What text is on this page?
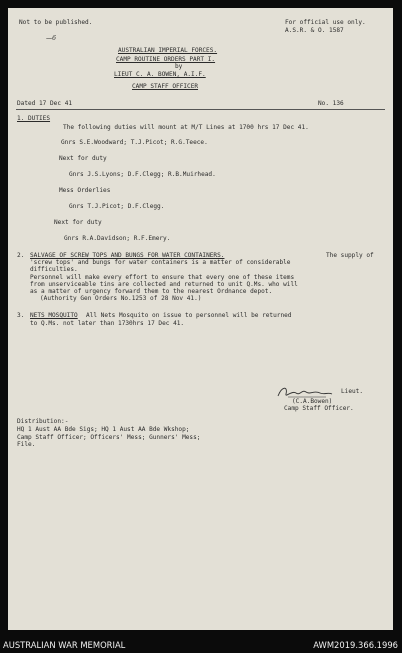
Not to be published.	For official use only.
A.S.R. & O. 1587
—6
AUSTRALIAN IMPERIAL FORCES.
CAMP ROUTINE ORDERS PART I.
by
LIEUT C. A. BOWEN, A.I.F.
CAMP STAFF OFFICER
Dated 17 Dec 41	No. 136
1. DUTIES
The following duties will mount at M/T Lines at 1700 hrs 17 Dec 41.
Gnrs S.E.Woodward; T.J.Picot; R.G.Teece.
Next for duty
Gnrs J.S.Lyons; D.F.Clegg; R.B.Muirhead.
Mess Orderlies
Gnrs T.J.Picot; D.F.Clegg.
Next for duty
Gnrs R.A.Davidson; R.F.Emery.
2. SALVAGE OF SCREW TOPS AND BUNGS FOR WATER CONTAINERS.	The supply of
'screw tops' and bungs for water containers is a matter of considerable
difficulties.
Personnel will make every effort to ensure that every one of these items
from unserviceable tins are collected and returned to unit Q.Ms. who will
as a matter of urgency forward them to the nearest Ordnance depot.
(Authority Gen Orders No.1253 of 28 Nov 41.)
3. NETS MOSQUITO All Nets Mosquito on issue to personnel will be returned
to Q.Ms. not later than 1730hrs 17 Dec 41.
Lieut.
(C.A.Bowen)
Camp Staff Officer.
Distribution:-
HQ 1 Aust AA Bde Sigs; HQ 1 Aust AA Bde Wkshop;
Camp Staff Officer; Officers' Mess; Gunners' Mess;
File.
AUSTRALIAN WAR MEMORIAL	AWM2019.366.1996
